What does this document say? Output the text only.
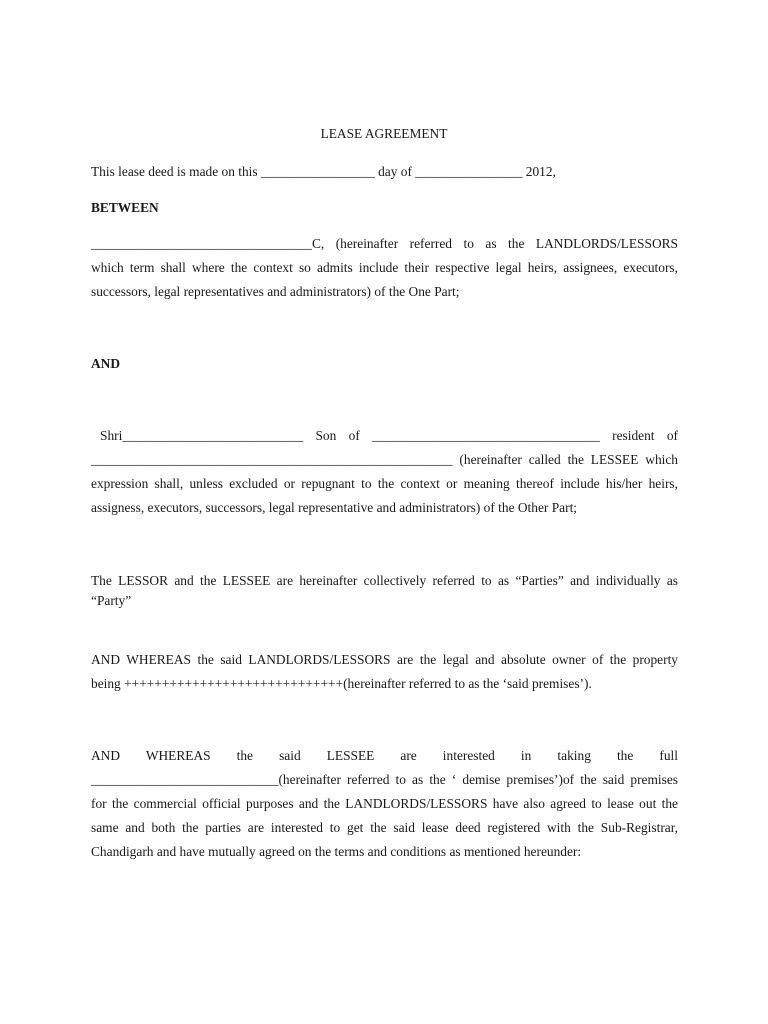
LEASE AGREEMENT

This lease deed is made on this _________________ day of ________________ 2012,

BETWEEN

_________________________________C, (hereinafter referred to as the LANDLORDS/LESSORS

which term shall where the context so admits include their respective legal heirs, assignees, executors,

successors, legal representatives and administrators) of the One Part;

AND

Shri___________________________ Son of __________________________________ resident of

______________________________________________________ (hereinafter called the LESSEE which

expression shall, unless excluded or repugnant to the context or meaning thereof include his/her heirs,

assigness, executors, successors, legal representative and administrators) of the Other Part;

The LESSOR and the LESSEE are hereinafter collectively referred to as “Parties” and individually as

“Party”

AND WHEREAS the said LANDLORDS/LESSORS are the legal and absolute owner of the property

being +++++++++++++++++++++++++++++(hereinafter referred to as the ‘said premises’).

AND WHEREAS the said LESSEE are interested in taking the full

____________________________(hereinafter referred to as the ‘ demise premises’)of the said premises

for the commercial official purposes and the LANDLORDS/LESSORS have also agreed to lease out the

same and both the parties are interested to get the said lease deed registered with the Sub-Registrar,

Chandigarh and have mutually agreed on the terms and conditions as mentioned hereunder:
